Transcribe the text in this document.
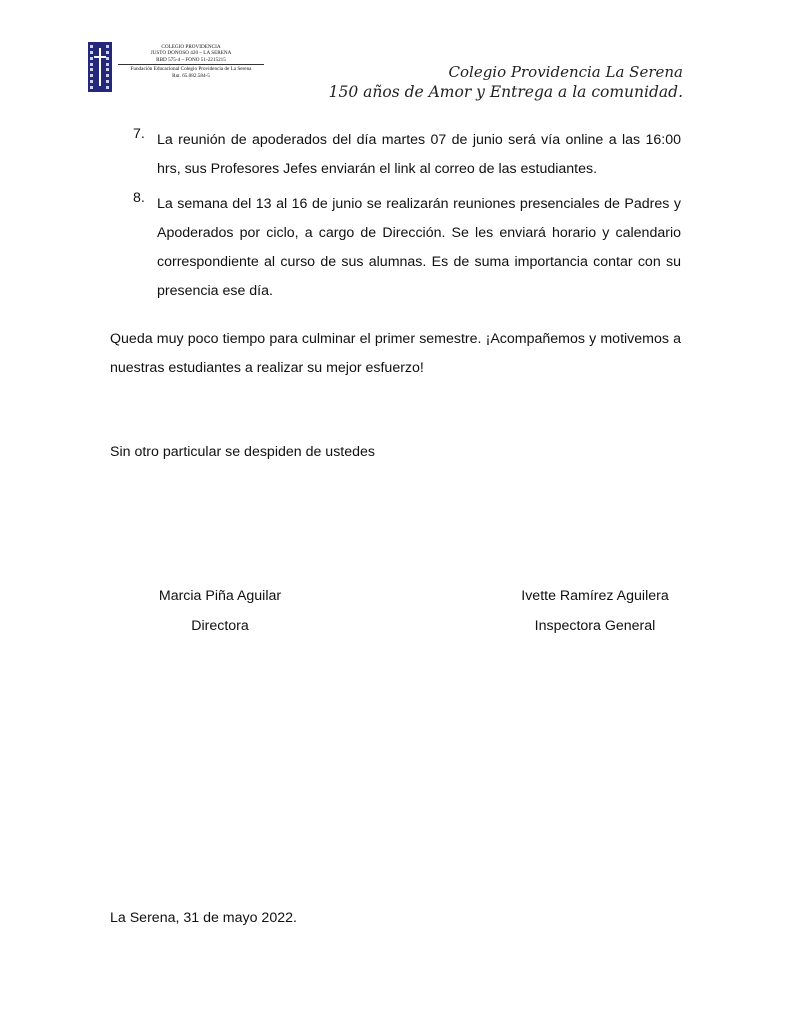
COLEGIO PROVIDENCIA
JUSTO DONOSO 420 – LA SERENA
RBD 575-4 – FONO 51-2215215
Fundación Educacional Colegio Providencia de La Serena
Rut. 65.082.584-5	Colegio Providencia La Serena
150 años de Amor y Entrega a la comunidad.
7. La reunión de apoderados del día martes 07 de junio será vía online a las 16:00 hrs, sus Profesores Jefes enviarán el link al correo de las estudiantes.
8. La semana del 13 al 16 de junio se realizarán reuniones presenciales de Padres y Apoderados por ciclo, a cargo de Dirección. Se les enviará horario y calendario correspondiente al curso de sus alumnas. Es de suma importancia contar con su presencia ese día.
Queda muy poco tiempo para culminar el primer semestre. ¡Acompañemos y motivemos a nuestras estudiantes a realizar su mejor esfuerzo!
Sin otro particular se despiden de ustedes
Marcia Piña Aguilar
Directora
Ivette Ramírez Aguilera
Inspectora General
La Serena, 31 de mayo 2022.
